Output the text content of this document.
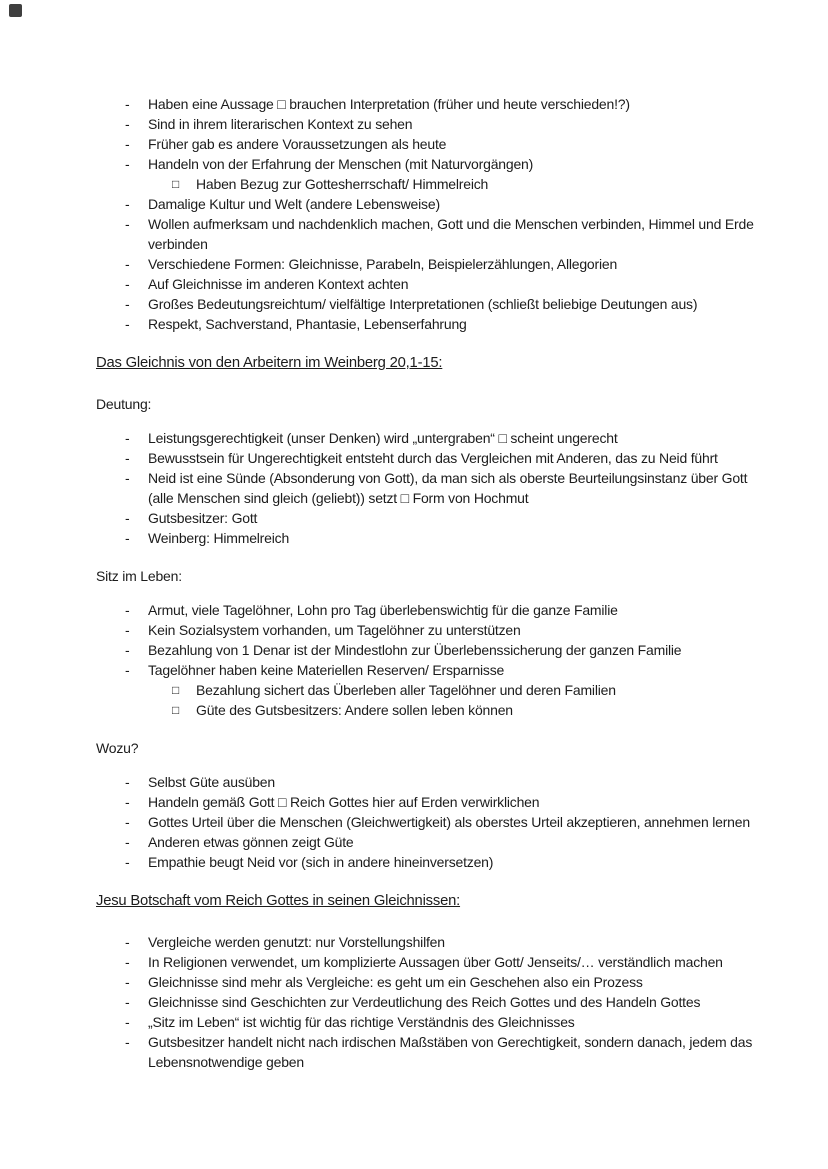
-	Haben eine Aussage □ brauchen Interpretation (früher und heute verschieden!?)
-	Sind in ihrem literarischen Kontext zu sehen
-	Früher gab es andere Voraussetzungen als heute
-	Handeln von der Erfahrung der Menschen (mit Naturvorgängen)
□	Haben Bezug zur Gottesherrschaft/ Himmelreich
-	Damalige Kultur und Welt (andere Lebensweise)
-	Wollen aufmerksam und nachdenklich machen, Gott und die Menschen verbinden, Himmel und Erde verbinden
-	Verschiedene Formen: Gleichnisse, Parabeln, Beispielerzählungen, Allegorien
-	Auf Gleichnisse im anderen Kontext achten
-	Großes Bedeutungsreichtum/ vielfältige Interpretationen (schließt beliebige Deutungen aus)
-	Respekt, Sachverstand, Phantasie, Lebenserfahrung
Das Gleichnis von den Arbeitern im Weinberg 20,1-15:
Deutung:
-	Leistungsgerechtigkeit (unser Denken) wird „untergraben“ □ scheint ungerecht
-	Bewusstsein für Ungerechtigkeit entsteht durch das Vergleichen mit Anderen, das zu Neid führt
-	Neid ist eine Sünde (Absonderung von Gott), da man sich als oberste Beurteilungsinstanz über Gott (alle Menschen sind gleich (geliebt)) setzt □ Form von Hochmut
-	Gutsbesitzer: Gott
-	Weinberg: Himmelreich
Sitz im Leben:
-	Armut, viele Tagelöhner, Lohn pro Tag überlebenswichtig für die ganze Familie
-	Kein Sozialsystem vorhanden, um Tagelöhner zu unterstützen
-	Bezahlung von 1 Denar ist der Mindestlohn zur Überlebenssicherung der ganzen Familie
-	Tagelöhner haben keine Materiellen Reserven/ Ersparnisse
□	Bezahlung sichert das Überleben aller Tagelöhner und deren Familien
□	Güte des Gutsbesitzers: Andere sollen leben können
Wozu?
-	Selbst Güte ausüben
-	Handeln gemäß Gott □ Reich Gottes hier auf Erden verwirklichen
-	Gottes Urteil über die Menschen (Gleichwertigkeit) als oberstes Urteil akzeptieren, annehmen lernen
-	Anderen etwas gönnen zeigt Güte
-	Empathie beugt Neid vor (sich in andere hineinversetzen)
Jesu Botschaft vom Reich Gottes in seinen Gleichnissen:
-	Vergleiche werden genutzt: nur Vorstellungshilfen
-	In Religionen verwendet, um komplizierte Aussagen über Gott/ Jenseits/… verständlich machen
-	Gleichnisse sind mehr als Vergleiche: es geht um ein Geschehen also ein Prozess
-	Gleichnisse sind Geschichten zur Verdeutlichung des Reich Gottes und des Handeln Gottes
-	„Sitz im Leben“ ist wichtig für das richtige Verständnis des Gleichnisses
-	Gutsbesitzer handelt nicht nach irdischen Maßstäben von Gerechtigkeit, sondern danach, jedem das Lebensnotwendige geben
